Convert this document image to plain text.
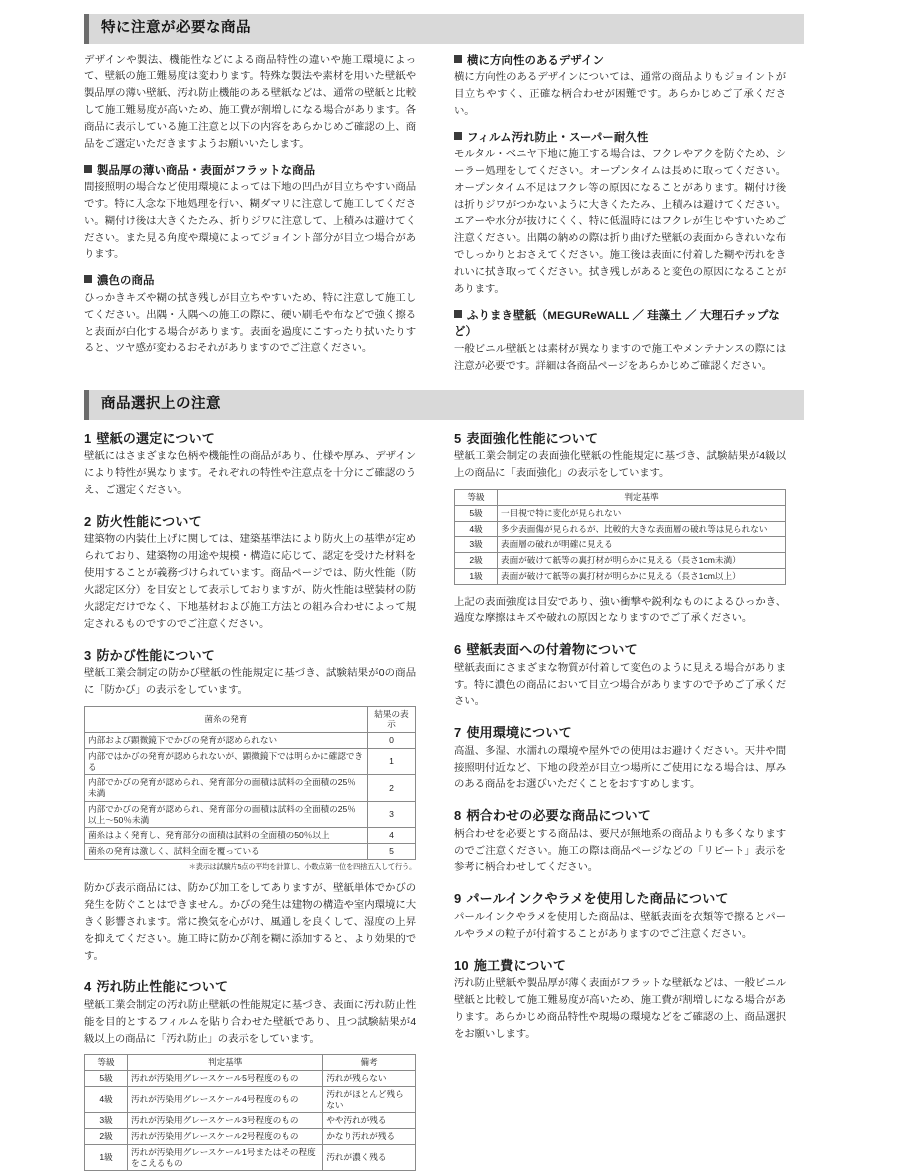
特に注意が必要な商品

デザインや製法、機能性などによる商品特性の違いや施工環境によって、壁紙の施工難易度は変わります。特殊な製法や素材を用いた壁紙や製品厚の薄い壁紙、汚れ防止機能のある壁紙などは、通常の壁紙と比較して施工難易度が高いため、施工費が割増しになる場合があります。各商品に表示している施工注意と以下の内容をあらかじめご確認の上、商品をご選定いただきますようお願いいたします。

製品厚の薄い商品・表面がフラットな商品

間接照明の場合など使用環境によっては下地の凹凸が目立ちやすい商品です。特に入念な下地処理を行い、糊ダマリに注意して施工してください。糊付け後は大きくたたみ、折りジワに注意して、上積みは避けてください。また見る角度や環境によってジョイント部分が目立つ場合があります。

濃色の商品

ひっかきキズや糊の拭き残しが目立ちやすいため、特に注意して施工してください。出隅・入隅への施工の際に、硬い刷毛や布などで強く擦ると表面が白化する場合があります。表面を過度にこすったり拭いたりすると、ツヤ感が変わるおそれがありますのでご注意ください。

横に方向性のあるデザイン

横に方向性のあるデザインについては、通常の商品よりもジョイントが目立ちやすく、正確な柄合わせが困難です。あらかじめご了承ください。

フィルム汚れ防止・スーパー耐久性

モルタル・ベニヤ下地に施工する場合は、フクレやアクを防ぐため、シーラー処理をしてください。オープンタイムは長めに取ってください。オープンタイム不足はフクレ等の原因になることがあります。糊付け後は折りジワがつかないように大きくたたみ、上積みは避けてください。エアーや水分が抜けにくく、特に低温時にはフクレが生じやすいためご注意ください。出隅の納めの際は折り曲げた壁紙の表面からきれいな布でしっかりとおさえてください。施工後は表面に付着した糊や汚れをきれいに拭き取ってください。拭き残しがあると変色の原因になることがあります。

ふりまき壁紙（MEGUReWALL ／ 珪藻土 ／ 大理石チップなど）

一般ビニル壁紙とは素材が異なりますので施工やメンテナンスの際には注意が必要です。詳細は各商品ページをあらかじめご確認ください。

商品選択上の注意
1 壁紙の選定について

壁紙にはさまざまな色柄や機能性の商品があり、仕様や厚み、デザインにより特性が異なります。それぞれの特性や注意点を十分にご確認のうえ、ご選定ください。

2 防火性能について

建築物の内装仕上げに関しては、建築基準法により防火上の基準が定められており、建築物の用途や規模・構造に応じて、認定を受けた材料を使用することが義務づけられています。商品ページでは、防火性能（防火認定区分）を目安として表示しておりますが、防火性能は壁装材の防火認定だけでなく、下地基材および施工方法との組み合わせによって規定されるものですのでご注意ください。

3 防かび性能について

壁紙工業会制定の防かび壁紙の性能規定に基づき、試験結果が0の商品に「防かび」の表示をしています。

菌糸の発育	結果の表示
内部および顕微鏡下でかびの発育が認められない	0
内部ではかびの発育が認められないが、顕微鏡下では明らかに確認できる	1
内部でかびの発育が認められ、発育部分の面積は試料の全面積の25％未満	2
内部でかびの発育が認められ、発育部分の面積は試料の全面積の25％以上〜50％未満	3
菌糸はよく発育し、発育部分の面積は試料の全面積の50％以上	4
菌糸の発育は激しく、試料全面を覆っている	5

＊表示は試験片5点の平均を計算し、小数点第一位を四捨五入して行う。

防かび表示商品には、防かび加工をしてありますが、壁紙単体でかびの発生を防ぐことはできません。かびの発生は建物の構造や室内環境に大きく影響されます。常に換気を心がけ、風通しを良くして、湿度の上昇を抑えてください。施工時に防かび剤を糊に添加すると、より効果的です。

4 汚れ防止性能について

壁紙工業会制定の汚れ防止壁紙の性能規定に基づき、表面に汚れ防止性能を目的とするフィルムを貼り合わせた壁紙であり、且つ試験結果が4級以上の商品に「汚れ防止」の表示をしています。

等級	判定基準	備考
5級	汚れが汚染用グレースケール5号程度のもの	汚れが残らない
4級	汚れが汚染用グレースケール4号程度のもの	汚れがほとんど残らない
3級	汚れが汚染用グレースケール3号程度のもの	やや汚れが残る
2級	汚れが汚染用グレースケール2号程度のもの	かなり汚れが残る
1級	汚れが汚染用グレースケール1号またはその程度をこえるもの	汚れが濃く残る
5 表面強化性能について

壁紙工業会制定の表面強化壁紙の性能規定に基づき、試験結果が4級以上の商品に「表面強化」の表示をしています。

等級	判定基準
5級	一目視で特に変化が見られない
4級	多少表面傷が見られるが、比較的大きな表面層の破れ等は見られない
3級	表面層の破れが明確に見える
2級	表面が破けて紙等の裏打材が明らかに見える（長さ1cm未満）
1級	表面が破けて紙等の裏打材が明らかに見える（長さ1cm以上）

上記の表面強度は目安であり、強い衝撃や鋭利なものによるひっかき、過度な摩擦はキズや破れの原因となりますのでご了承ください。

6 壁紙表面への付着物について

壁紙表面にさまざまな物質が付着して変色のように見える場合があります。特に濃色の商品において目立つ場合がありますので予めご了承ください。

7 使用環境について

高温、多湿、水濡れの環境や屋外での使用はお避けください。天井や間接照明付近など、下地の段差が目立つ場所にご使用になる場合は、厚みのある商品をお選びいただくことをおすすめします。

8 柄合わせの必要な商品について

柄合わせを必要とする商品は、要尺が無地系の商品よりも多くなりますのでご注意ください。施工の際は商品ページなどの「リピート」表示を参考に柄合わせしてください。

9 パールインクやラメを使用した商品について

パールインクやラメを使用した商品は、壁紙表面を衣類等で擦るとパールやラメの粒子が付着することがありますのでご注意ください。

10 施工費について

汚れ防止壁紙や製品厚が薄く表面がフラットな壁紙などは、一般ビニル壁紙と比較して施工難易度が高いため、施工費が割増しになる場合があります。あらかじめ商品特性や現場の環境などをご確認の上、商品選択をお願いします。
